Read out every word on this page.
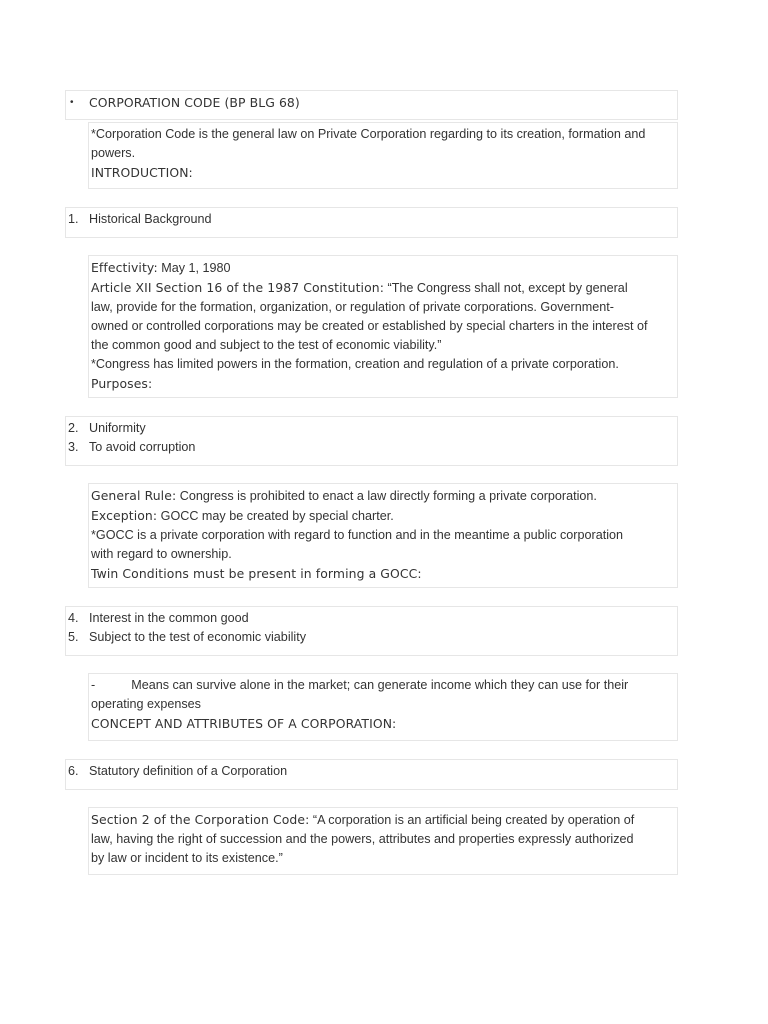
•	CORPORATION CODE (BP BLG 68)
*Corporation Code is the general law on Private Corporation regarding to its creation, formation and
powers.
INTRODUCTION:
1. Historical Background
Effectivity: May 1, 1980
Article XII Section 16 of the 1987 Constitution: “The Congress shall not, except by general
law, provide for the formation, organization, or regulation of private corporations. Government-
owned or controlled corporations may be created or established by special charters in the interest of
the common good and subject to the test of economic viability.”
*Congress has limited powers in the formation, creation and regulation of a private corporation.
Purposes:
2. Uniformity
3. To avoid corruption
General Rule: Congress is prohibited to enact a law directly forming a private corporation.
Exception: GOCC may be created by special charter.
*GOCC is a private corporation with regard to function and in the meantime a public corporation
with regard to ownership.
Twin Conditions must be present in forming a GOCC:
4. Interest in the common good
5. Subject to the test of economic viability
-	Means can survive alone in the market; can generate income which they can use for their
operating expenses
CONCEPT AND ATTRIBUTES OF A CORPORATION:
6. Statutory definition of a Corporation
Section 2 of the Corporation Code: “A corporation is an artificial being created by operation of
law, having the right of succession and the powers, attributes and properties expressly authorized
by law or incident to its existence.”
